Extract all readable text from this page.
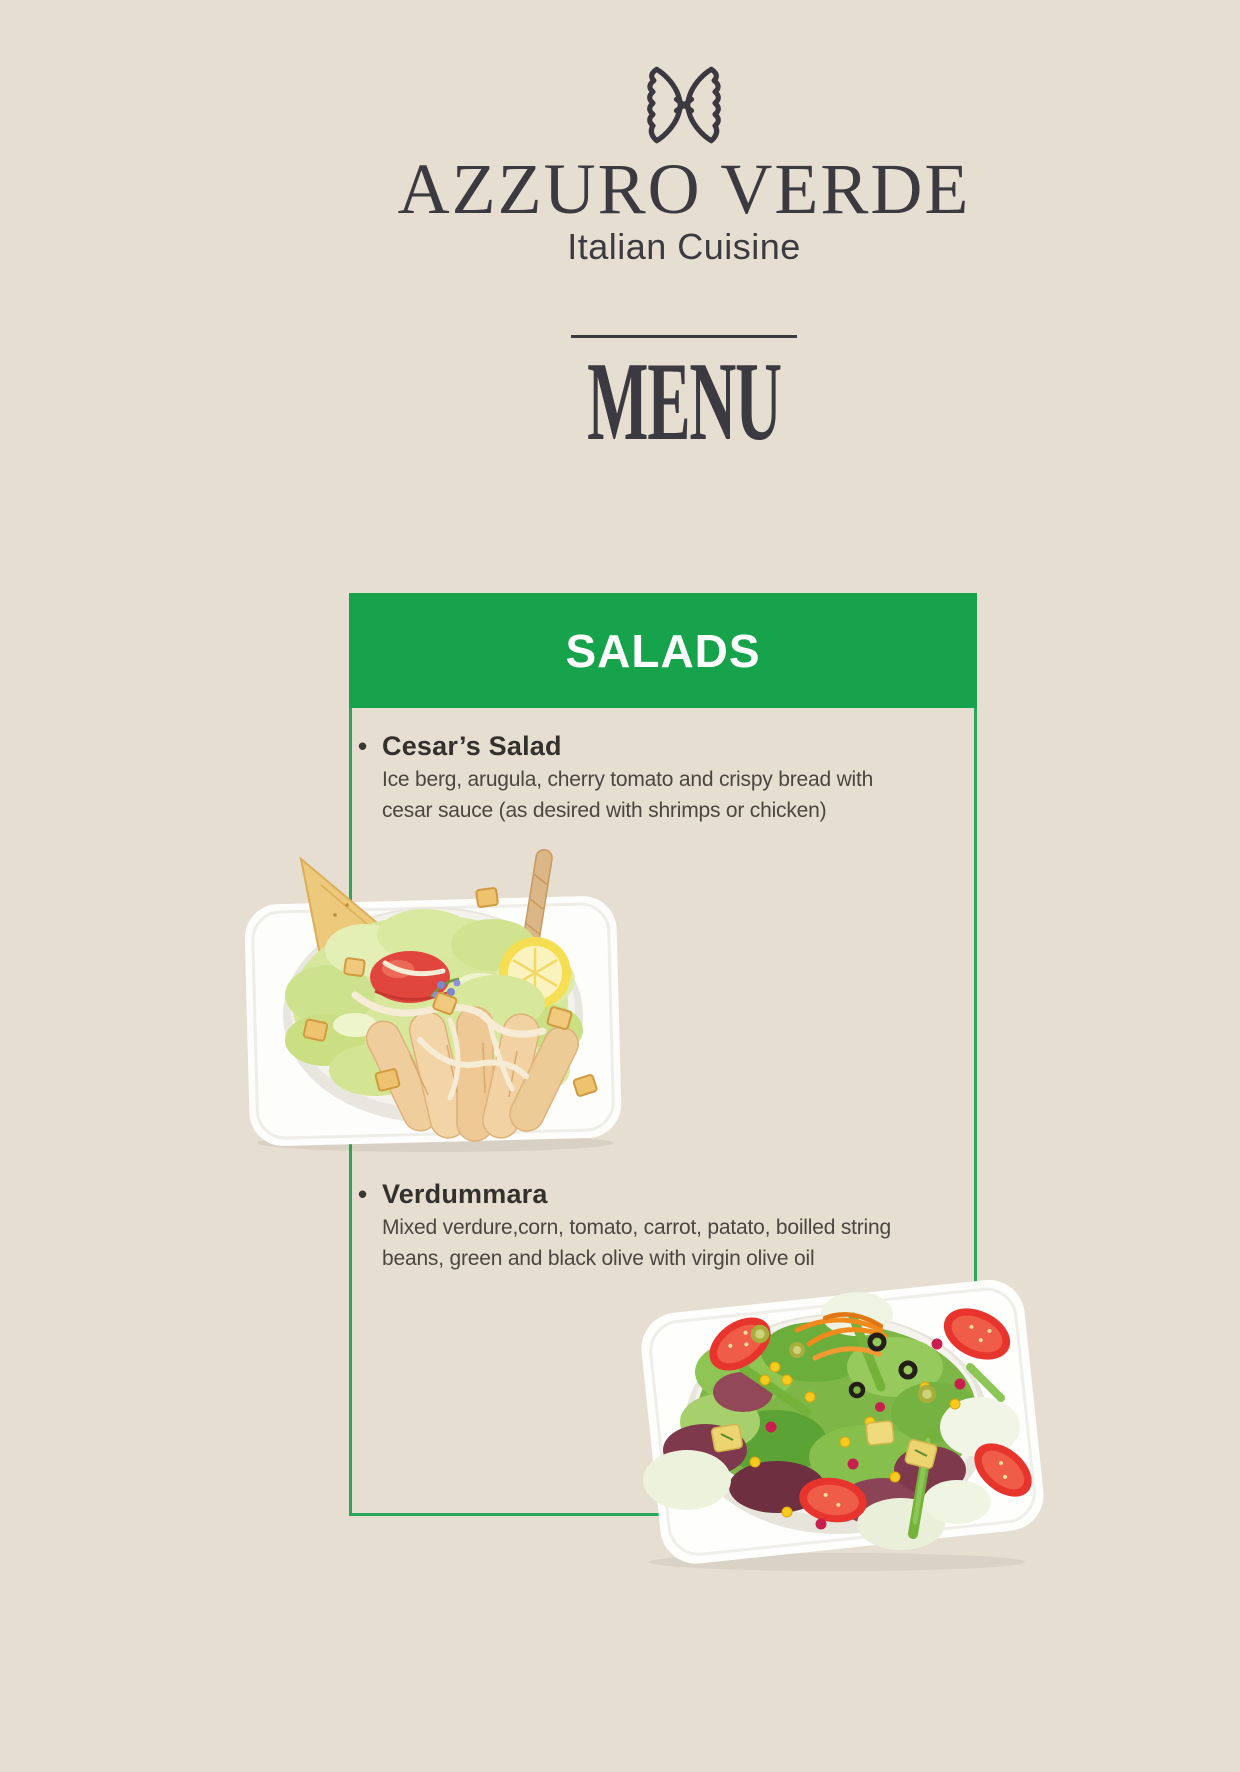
AZZURO VERDE
Italian Cuisine
MENU
SALADS
• Cesar’s Salad
Ice berg, arugula, cherry tomato and crispy bread with
cesar sauce (as desired with shrimps or chicken)
• Verdummara
Mixed verdure,corn, tomato, carrot, patato, boilled string
beans, green and black olive with virgin olive oil
